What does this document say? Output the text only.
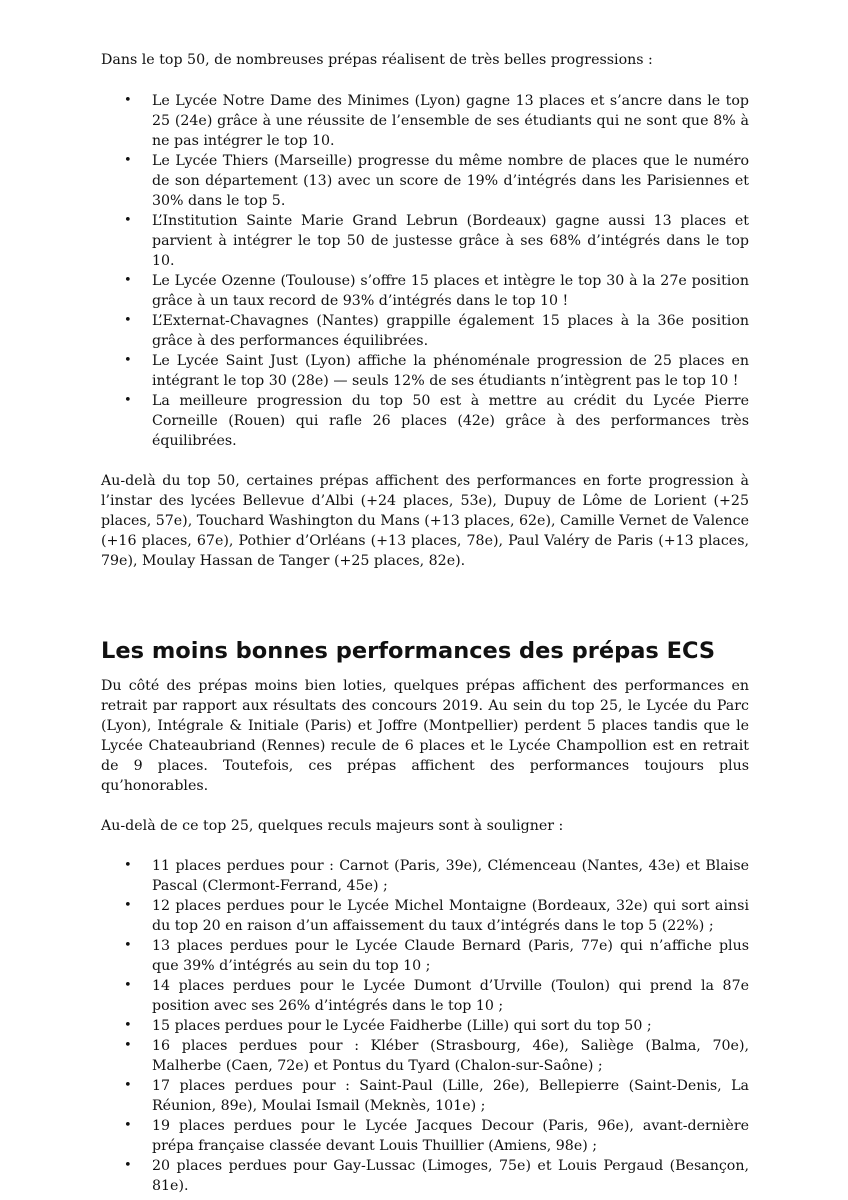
Dans le top 50, de nombreuses prépas réalisent de très belles progressions :

• Le Lycée Notre Dame des Minimes (Lyon) gagne 13 places et s’ancre dans le top 25 (24e) grâce à une réussite de l’ensemble de ses étudiants qui ne sont que 8% à ne pas intégrer le top 10.
• Le Lycée Thiers (Marseille) progresse du même nombre de places que le numéro de son département (13) avec un score de 19% d’intégrés dans les Parisiennes et 30% dans le top 5.
• L’Institution Sainte Marie Grand Lebrun (Bordeaux) gagne aussi 13 places et parvient à intégrer le top 50 de justesse grâce à ses 68% d’intégrés dans le top 10.
• Le Lycée Ozenne (Toulouse) s’offre 15 places et intègre le top 30 à la 27e position grâce à un taux record de 93% d’intégrés dans le top 10 !
• L’Externat-Chavagnes (Nantes) grappille également 15 places à la 36e position grâce à des performances équilibrées.
• Le Lycée Saint Just (Lyon) affiche la phénoménale progression de 25 places en intégrant le top 30 (28e) — seuls 12% de ses étudiants n’intègrent pas le top 10 !
• La meilleure progression du top 50 est à mettre au crédit du Lycée Pierre Corneille (Rouen) qui rafle 26 places (42e) grâce à des performances très équilibrées.

Au-delà du top 50, certaines prépas affichent des performances en forte progression à l’instar des lycées Bellevue d’Albi (+24 places, 53e), Dupuy de Lôme de Lorient (+25 places, 57e), Touchard Washington du Mans (+13 places, 62e), Camille Vernet de Valence (+16 places, 67e), Pothier d’Orléans (+13 places, 78e), Paul Valéry de Paris (+13 places, 79e), Moulay Hassan de Tanger (+25 places, 82e).

Les moins bonnes performances des prépas ECS

Du côté des prépas moins bien loties, quelques prépas affichent des performances en retrait par rapport aux résultats des concours 2019. Au sein du top 25, le Lycée du Parc (Lyon), Intégrale & Initiale (Paris) et Joffre (Montpellier) perdent 5 places tandis que le Lycée Chateaubriand (Rennes) recule de 6 places et le Lycée Champollion est en retrait de 9 places. Toutefois, ces prépas affichent des performances toujours plus qu’honorables.

Au-delà de ce top 25, quelques reculs majeurs sont à souligner :

• 11 places perdues pour : Carnot (Paris, 39e), Clémenceau (Nantes, 43e) et Blaise Pascal (Clermont-Ferrand, 45e) ;
• 12 places perdues pour le Lycée Michel Montaigne (Bordeaux, 32e) qui sort ainsi du top 20 en raison d’un affaissement du taux d’intégrés dans le top 5 (22%) ;
• 13 places perdues pour le Lycée Claude Bernard (Paris, 77e) qui n’affiche plus que 39% d’intégrés au sein du top 10 ;
• 14 places perdues pour le Lycée Dumont d’Urville (Toulon) qui prend la 87e position avec ses 26% d’intégrés dans le top 10 ;
• 15 places perdues pour le Lycée Faidherbe (Lille) qui sort du top 50 ;
• 16 places perdues pour : Kléber (Strasbourg, 46e), Saliège (Balma, 70e), Malherbe (Caen, 72e) et Pontus du Tyard (Chalon-sur-Saône) ;
• 17 places perdues pour : Saint-Paul (Lille, 26e), Bellepierre (Saint-Denis, La Réunion, 89e), Moulai Ismail (Meknès, 101e) ;
• 19 places perdues pour le Lycée Jacques Decour (Paris, 96e), avant-dernière prépa française classée devant Louis Thuillier (Amiens, 98e) ;
• 20 places perdues pour Gay-Lussac (Limoges, 75e) et Louis Pergaud (Besançon, 81e).
